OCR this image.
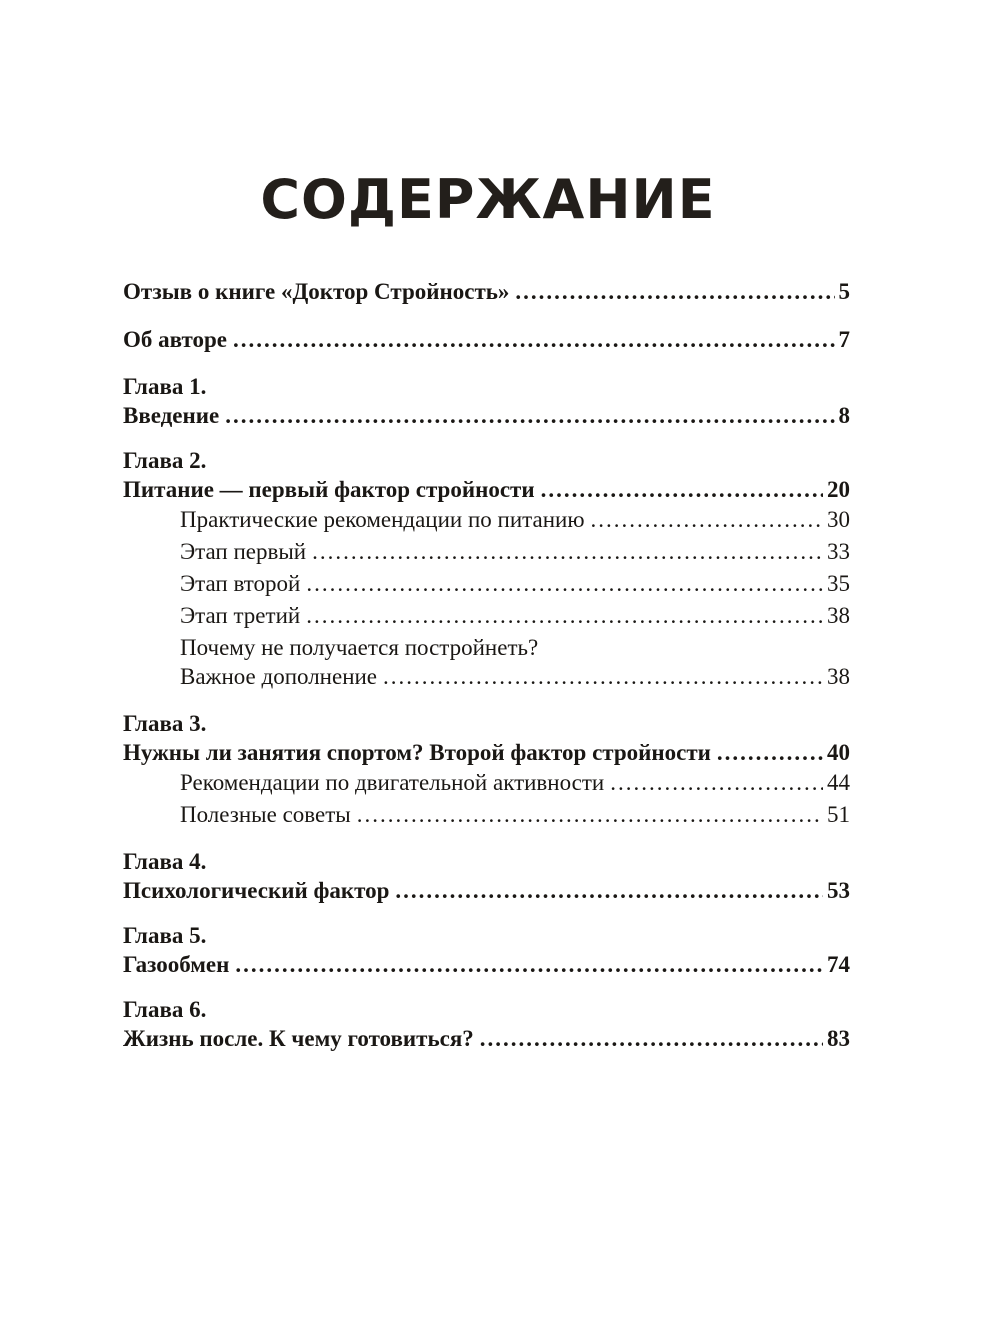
СОДЕРЖАНИЕ
Отзыв о книге «Доктор Стройность» .....	5
Об авторе .....	7
Глава 1.
Введение .....	8
Глава 2.
Питание — первый фактор стройности .....	20
Практические рекомендации по питанию .....	30
Этап первый .....	33
Этап второй .....	35
Этап третий .....	38
Почему не получается постройнеть?
Важное дополнение .....	38
Глава 3.
Нужны ли занятия спортом? Второй фактор стройности .....	40
Рекомендации по двигательной активности .....	44
Полезные советы .....	51
Глава 4.
Психологический фактор .....	53
Глава 5.
Газообмен .....	74
Глава 6.
Жизнь после. К чему готовиться? .....	83
